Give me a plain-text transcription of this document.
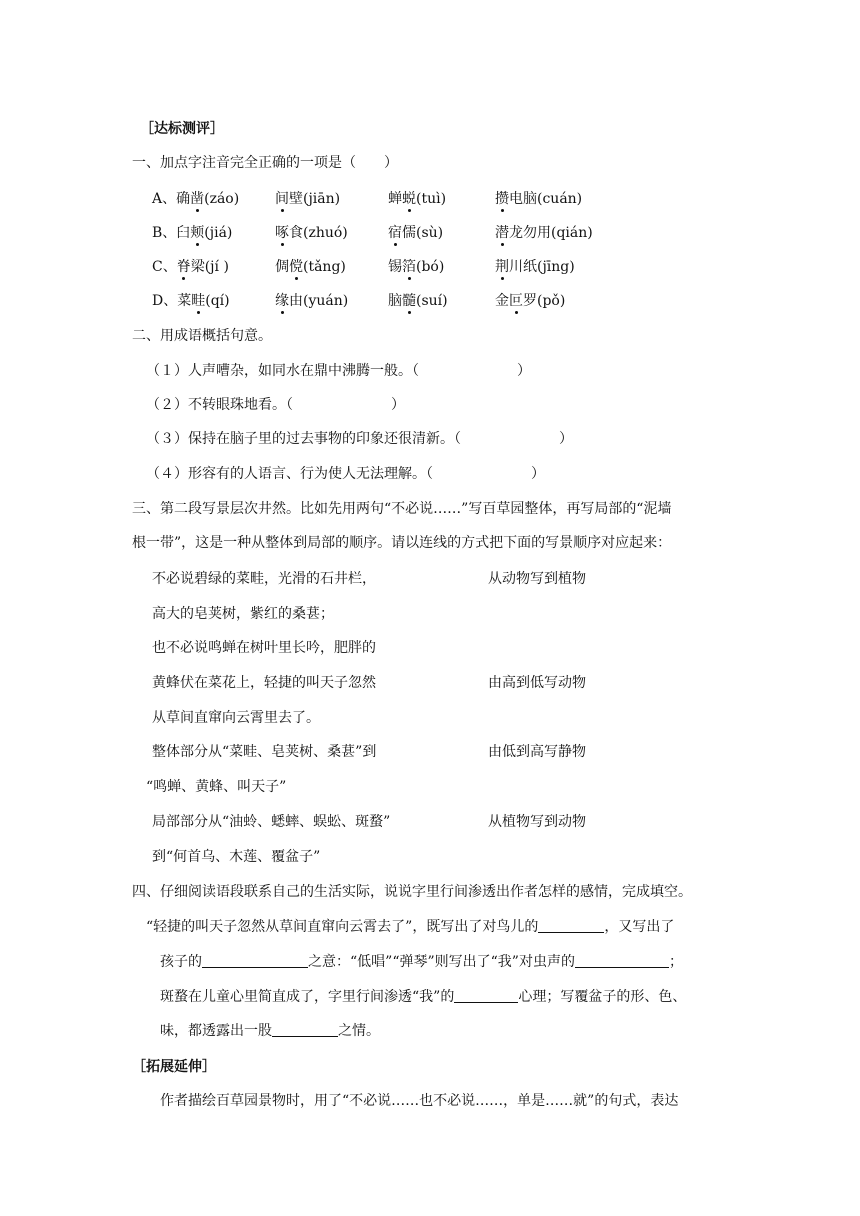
［达标测评］
一、加点字注音完全正确的一项是（　　）
A、确凿(záo)	间壁(jiān)	蝉蜕(tuì)	攒电脑(cuán)
B、臼颊(jiá)	啄食(zhuó)	宿儒(sù)	潜龙勿用(qián)
C、脊梁(jí )	倜傥(tǎng)	锡箔(bó)	荆川纸(jīng)
D、菜畦(qí)	缘由(yuán)	脑髓(suí)	金叵罗(pǒ)
二、用成语概括句意。
（１）人声嘈杂，如同水在鼎中沸腾一般。（　　　　　　　）
（２）不转眼珠地看。（　　　　　　　）
（３）保持在脑子里的过去事物的印象还很清新。（　　　　　　　）
（４）形容有的人语言、行为使人无法理解。（　　　　　　　）
三、第二段写景层次井然。比如先用两句“不必说……”写百草园整体，再写局部的“泥墙
根一带”，这是一种从整体到局部的顺序。请以连线的方式把下面的写景顺序对应起来：
不必说碧绿的菜畦，光滑的石井栏，
高大的皂荚树，紫红的桑葚；
也不必说鸣蝉在树叶里长吟，肥胖的
黄蜂伏在菜花上，轻捷的叫天子忽然
从草间直窜向云霄里去了。
整体部分从“菜畦、皂荚树、桑葚”到
“鸣蝉、黄蜂、叫天子”
局部部分从“油蛉、蟋蟀、蜈蚣、斑蝥”
到“何首乌、木莲、覆盆子”
从动物写到植物
由高到低写动物
由低到高写静物
从植物写到动物
四、仔细阅读语段联系自己的生活实际，说说字里行间渗透出作者怎样的感情，完成填空。
“轻捷的叫天子忽然从草间直窜向云霄去了”，既写出了对鸟儿的	，又写出了
孩子的	之意：“低唱”“弹琴”则写出了“我”对虫声的	；
斑蝥在儿童心里简直成了，字里行间渗透“我”的	心理；写覆盆子的形、色、
味，都透露出一股	之情。
［拓展延伸］
作者描绘百草园景物时，用了“不必说……也不必说……，单是……就”的句式，表达
